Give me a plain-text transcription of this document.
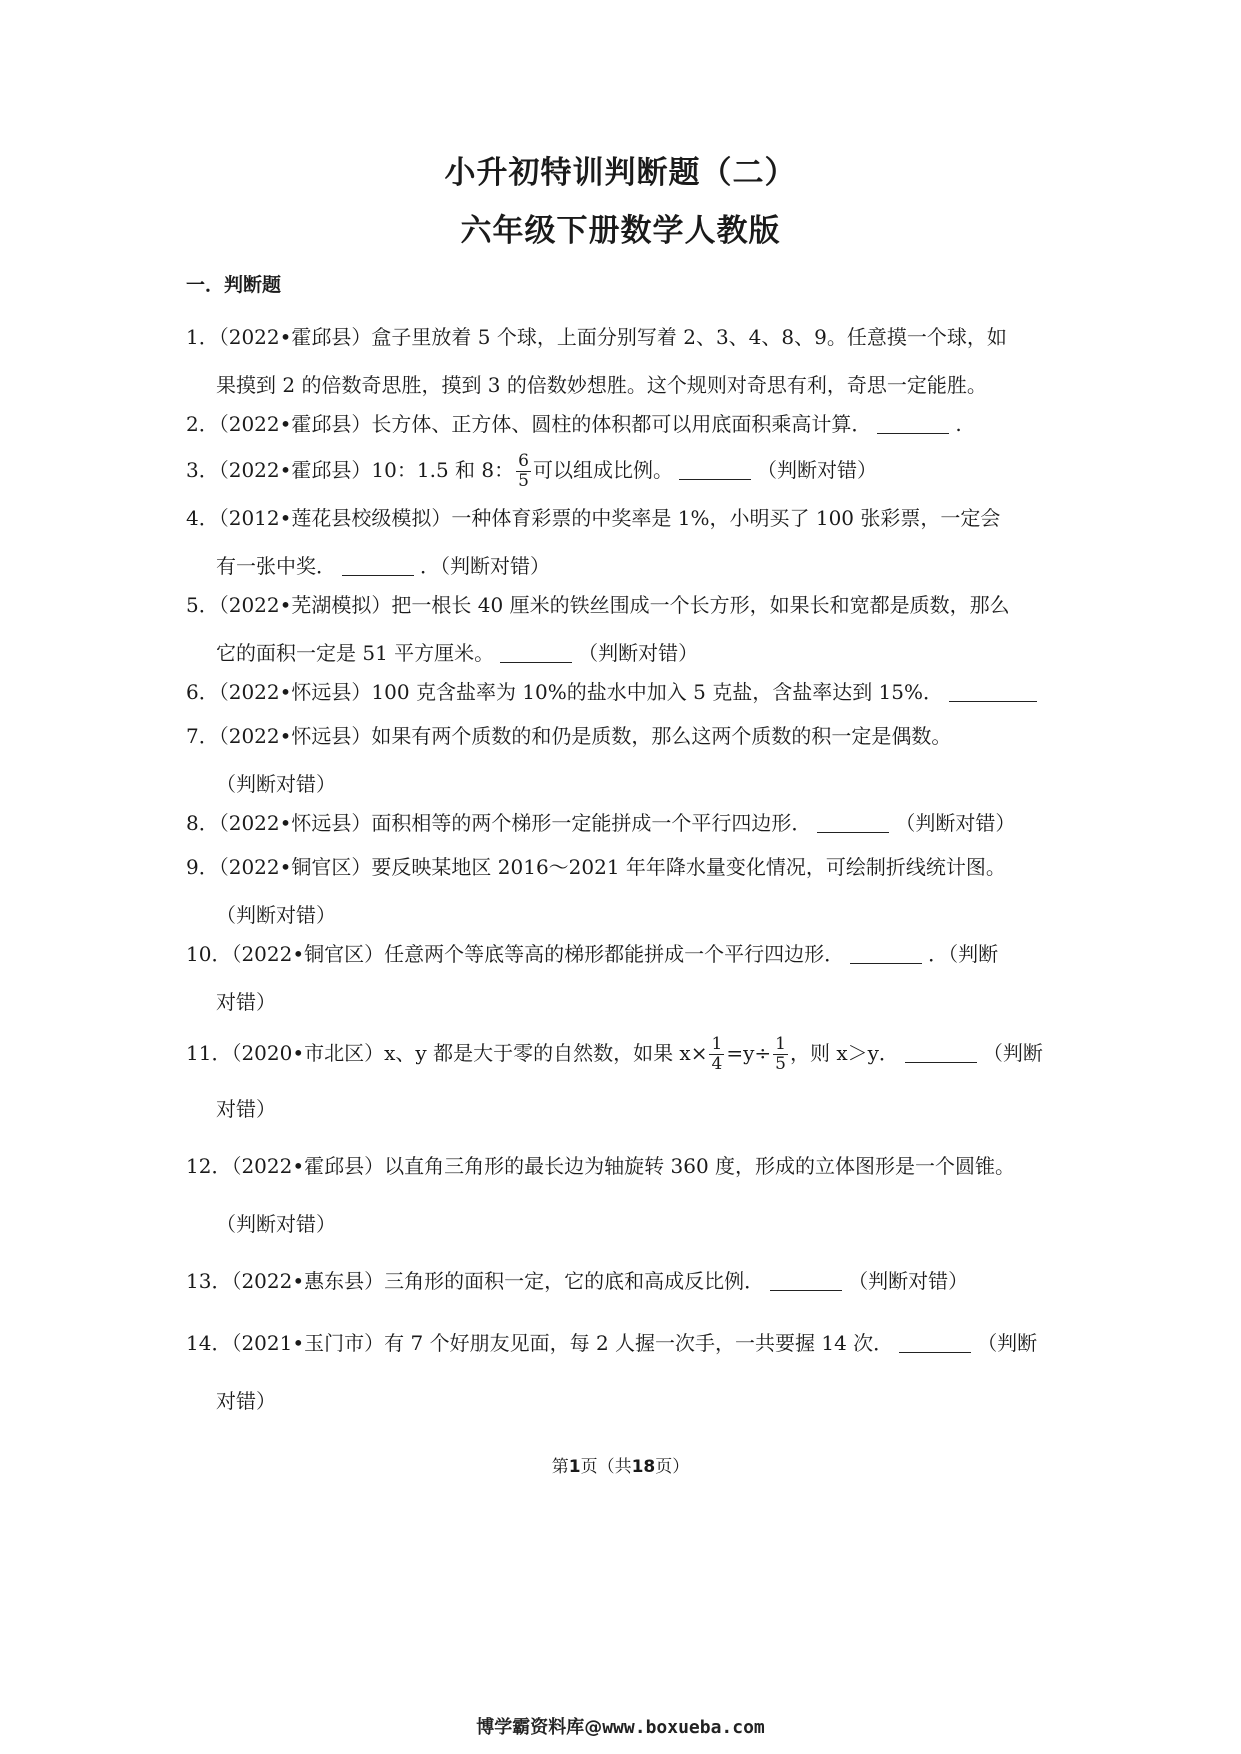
小升初特训判断题（二）
六年级下册数学人教版
一．判断题
1．（2022•霍邱县）盒子里放着 5 个球，上面分别写着 2、3、4、8、9。任意摸一个球，如
果摸到 2 的倍数奇思胜，摸到 3 的倍数妙想胜。这个规则对奇思有利，奇思一定能胜。
2．（2022•霍邱县）长方体、正方体、圆柱的体积都可以用底面积乘高计算．	.
3．（2022•霍邱县）10：1.5 和 8： $\frac{6}{5}$ 可以组成比例。	（判断对错）
4．（2012•莲花县校级模拟）一种体育彩票的中奖率是 1%，小明买了 100 张彩票，一定会
有一张中奖．	．（判断对错）
5．（2022•芜湖模拟）把一根长 40 厘米的铁丝围成一个长方形，如果长和宽都是质数，那么
它的面积一定是 51 平方厘米。	（判断对错）
6．（2022•怀远县）100 克含盐率为 10%的盐水中加入 5 克盐，含盐率达到 15%．
7．（2022•怀远县）如果有两个质数的和仍是质数，那么这两个质数的积一定是偶数。
（判断对错）
8．（2022•怀远县）面积相等的两个梯形一定能拼成一个平行四边形．	（判断对错）
9．（2022•铜官区）要反映某地区 2016～2021 年年降水量变化情况，可绘制折线统计图。
（判断对错）
10．（2022•铜官区）任意两个等底等高的梯形都能拼成一个平行四边形．	．（判断
对错）
11．（2020•市北区）x、y 都是大于零的自然数，如果 $x\times \frac{1}{4} =y\div \frac{1}{5}$ ，则 x＞y．	（判断
对错）
12．（2022•霍邱县）以直角三角形的最长边为轴旋转 360 度，形成的立体图形是一个圆锥。
（判断对错）
13．（2022•惠东县）三角形的面积一定，它的底和高成反比例．	（判断对错）
14．（2021•玉门市）有 7 个好朋友见面，每 2 人握一次手，一共要握 14 次．	（判断
对错）
第1页（共18页）
博学霸资料库@www.boxueba.com
